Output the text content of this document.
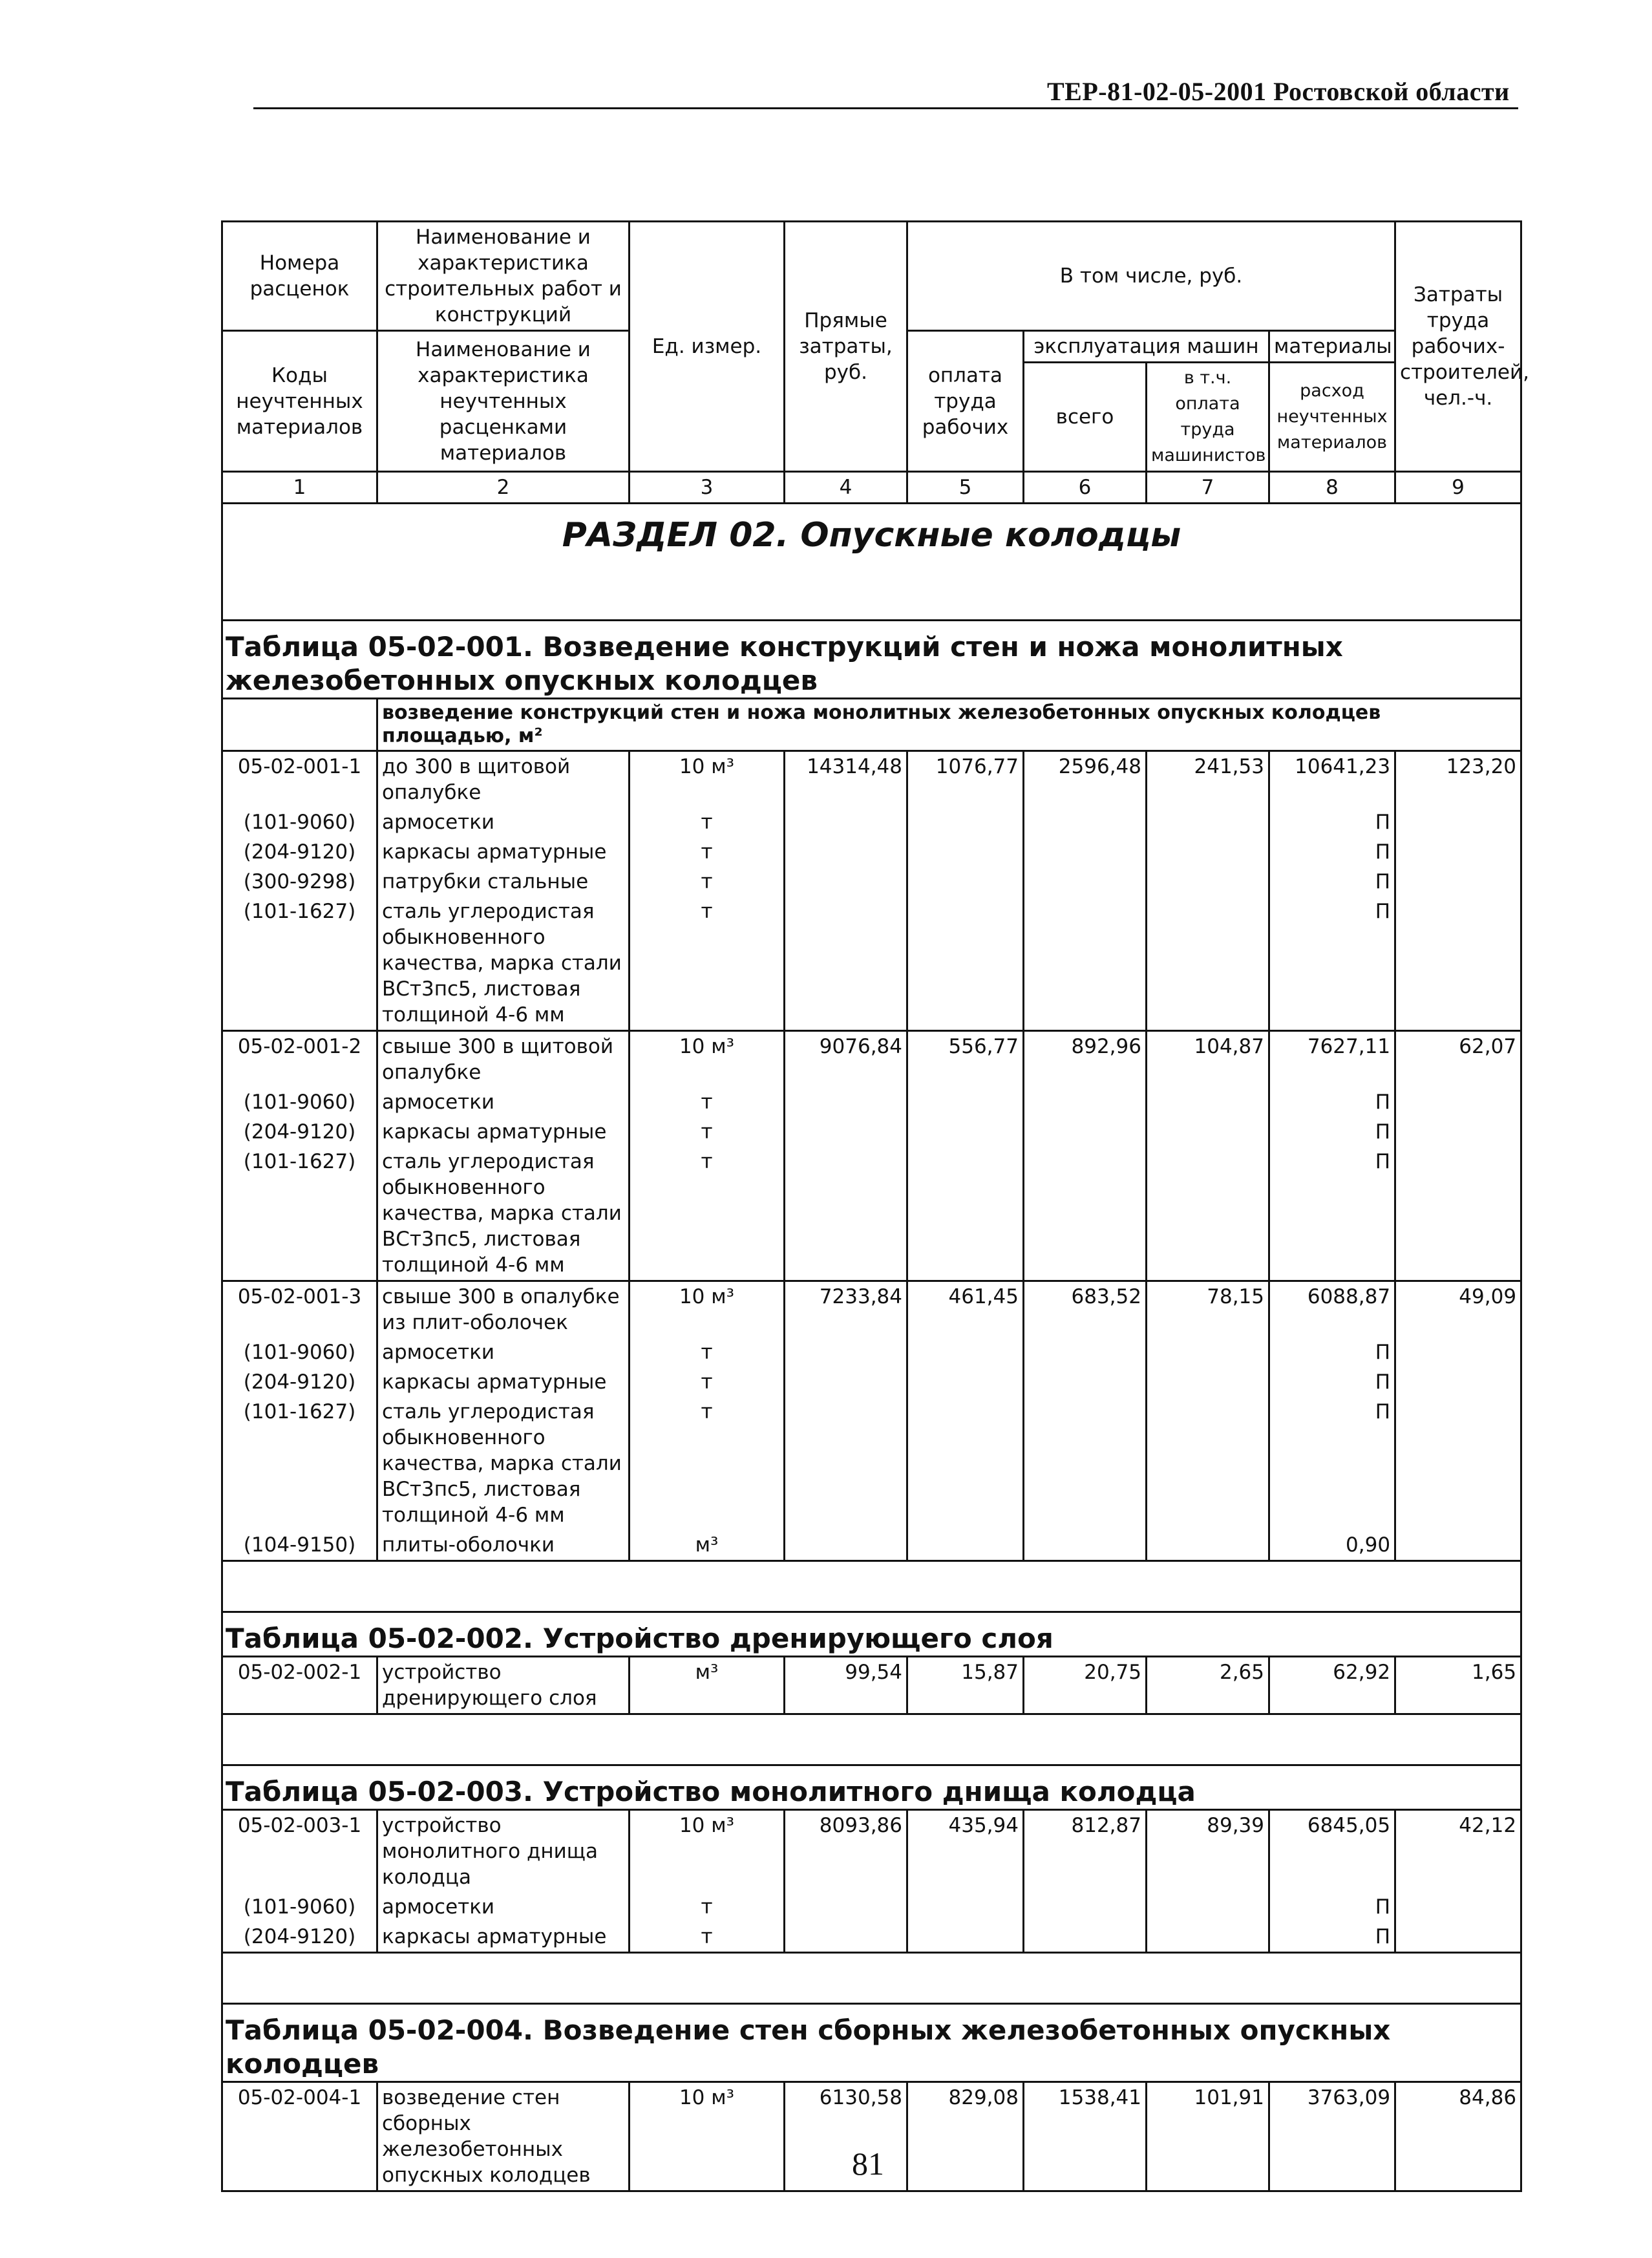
ТЕР-81-02-05-2001 Ростовской области
Номера расценок	Наименование и характеристика строительных работ и конструкций	Ед. измер.	Прямые затраты, руб.	В том числе, руб.				Затраты труда рабочих-строителей, чел.-ч.
Коды неучтенных материалов	Наименование и характеристика неучтенных расценками материалов			оплата труда рабочих	эксплуатация машин		материалы	
					всего	в т.ч. оплата труда машинистов	расход неучтенных материалов	
1	2	3	4	5	6	7	8	9
РАЗДЕЛ 02. Опускные колодцы								
Таблица 05-02-001. Возведение конструкций стен и ножа монолитных железобетонных опускных колодцев								
	возведение конструкций стен и ножа монолитных железобетонных опускных колодцев площадью, м²							
05-02-001-1	до 300 в щитовой опалубке	10 м³	14314,48	1076,77	2596,48	241,53	10641,23	123,20
(101-9060)	армосетки	т					П	
(204-9120)	каркасы арматурные	т					П	
(300-9298)	патрубки стальные	т					П	
(101-1627)	сталь углеродистая обыкновенного качества, марка стали ВСт3пс5, листовая толщиной 4-6 мм	т					П	
05-02-001-2	свыше 300 в щитовой опалубке	10 м³	9076,84	556,77	892,96	104,87	7627,11	62,07
(101-9060)	армосетки	т					П	
(204-9120)	каркасы арматурные	т					П	
(101-1627)	сталь углеродистая обыкновенного качества, марка стали ВСт3пс5, листовая толщиной 4-6 мм	т					П	
05-02-001-3	свыше 300 в опалубке из плит-оболочек	10 м³	7233,84	461,45	683,52	78,15	6088,87	49,09
(101-9060)	армосетки	т					П	
(204-9120)	каркасы арматурные	т					П	
(101-1627)	сталь углеродистая обыкновенного качества, марка стали ВСт3пс5, листовая толщиной 4-6 мм	т					П	
(104-9150)	плиты-оболочки	м³					0,90	

Таблица 05-02-002. Устройство дренирующего слоя								
05-02-002-1	устройство дренирующего слоя	м³	99,54	15,87	20,75	2,65	62,92	1,65

Таблица 05-02-003. Устройство монолитного днища колодца								
05-02-003-1	устройство монолитного днища колодца	10 м³	8093,86	435,94	812,87	89,39	6845,05	42,12
(101-9060)	армосетки	т					П	
(204-9120)	каркасы арматурные	т					П	

Таблица 05-02-004. Возведение стен сборных железобетонных опускных колодцев								
05-02-004-1	возведение стен сборных железобетонных опускных колодцев	10 м³	6130,58	829,08	1538,41	101,91	3763,09	84,86
81
